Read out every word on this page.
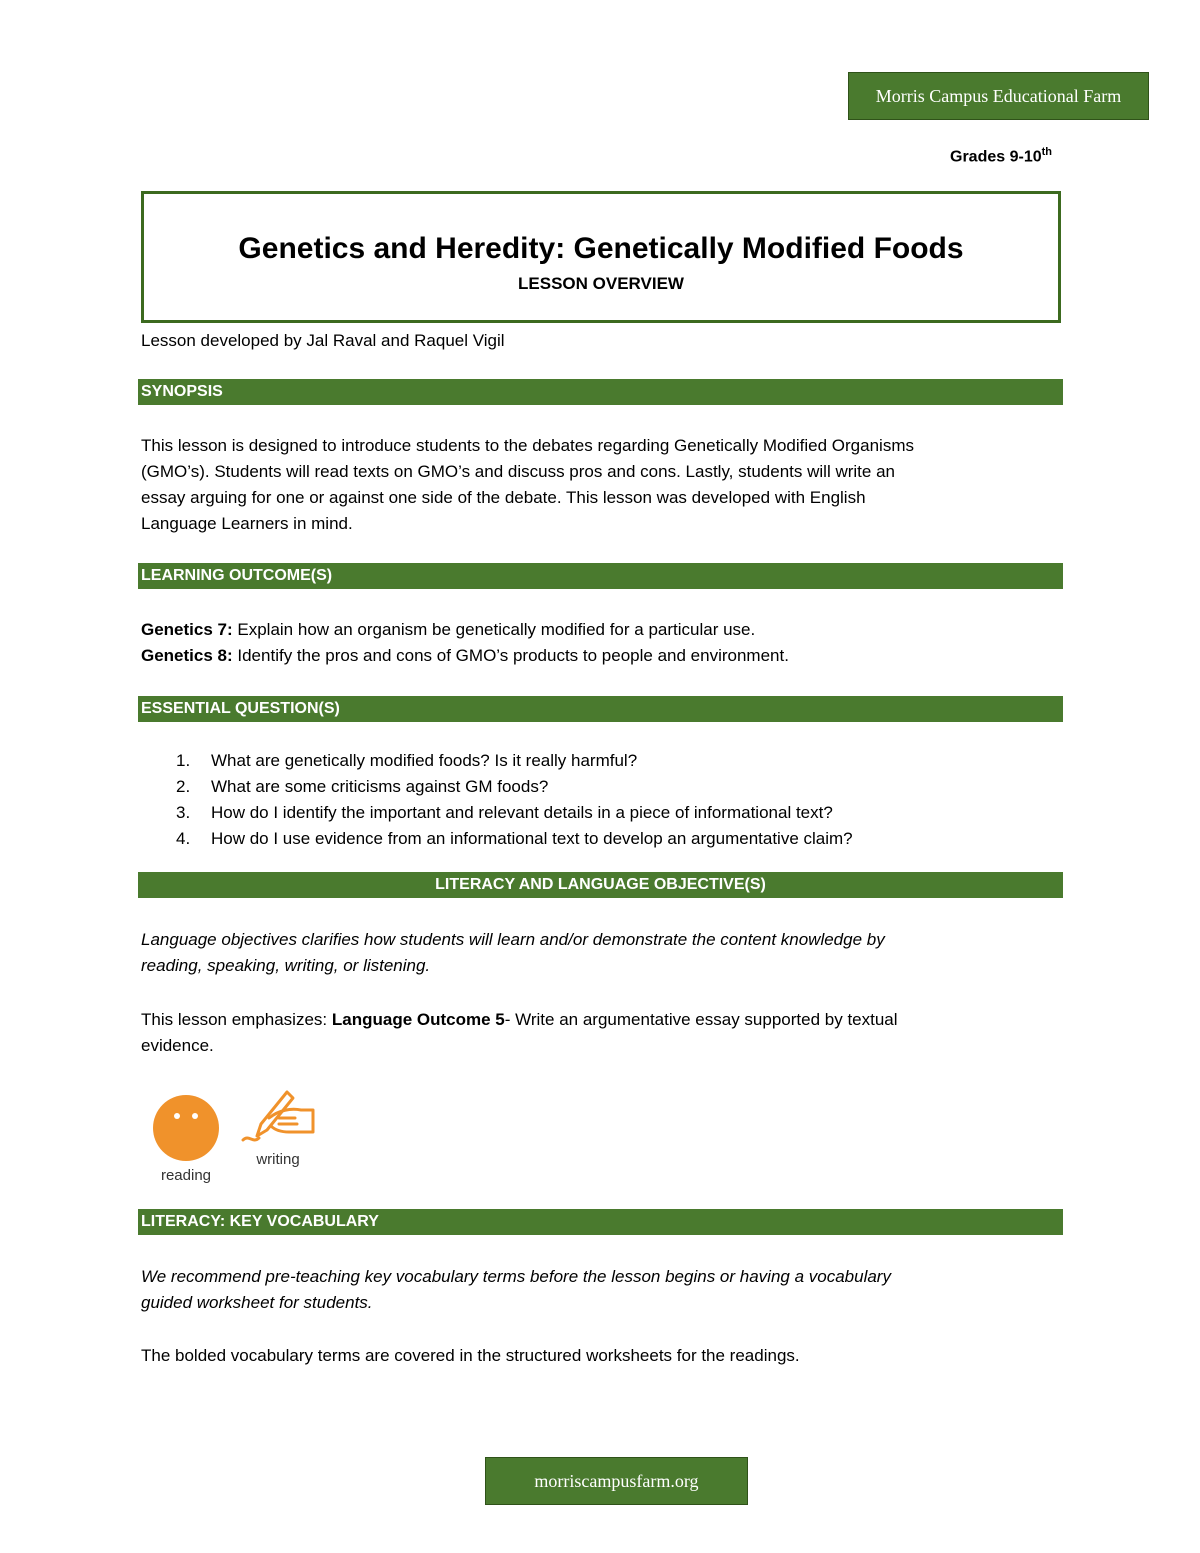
Morris Campus Educational Farm
Grades 9-10th
Genetics and Heredity: Genetically Modified Foods
LESSON OVERVIEW
Lesson developed by Jal Raval and Raquel Vigil
SYNOPSIS
This lesson is designed to introduce students to the debates regarding Genetically Modified Organisms
(GMO’s). Students will read texts on GMO’s and discuss pros and cons. Lastly, students will write an
essay arguing for one or against one side of the debate. This lesson was developed with English
Language Learners in mind.
LEARNING OUTCOME(S)
Genetics 7: Explain how an organism be genetically modified for a particular use.
Genetics 8: Identify the pros and cons of GMO’s products to people and environment.
ESSENTIAL QUESTION(S)
1.	What are genetically modified foods? Is it really harmful?
2.	What are some criticisms against GM foods?
3.	How do I identify the important and relevant details in a piece of informational text?
4.	How do I use evidence from an informational text to develop an argumentative claim?
LITERACY AND LANGUAGE OBJECTIVE(S)
Language objectives clarifies how students will learn and/or demonstrate the content knowledge by
reading, speaking, writing, or listening.
This lesson emphasizes: Language Outcome 5- Write an argumentative essay supported by textual
evidence.
reading
writing
LITERACY: KEY VOCABULARY
We recommend pre-teaching key vocabulary terms before the lesson begins or having a vocabulary
guided worksheet for students.
The bolded vocabulary terms are covered in the structured worksheets for the readings.
morriscampusfarm.org
